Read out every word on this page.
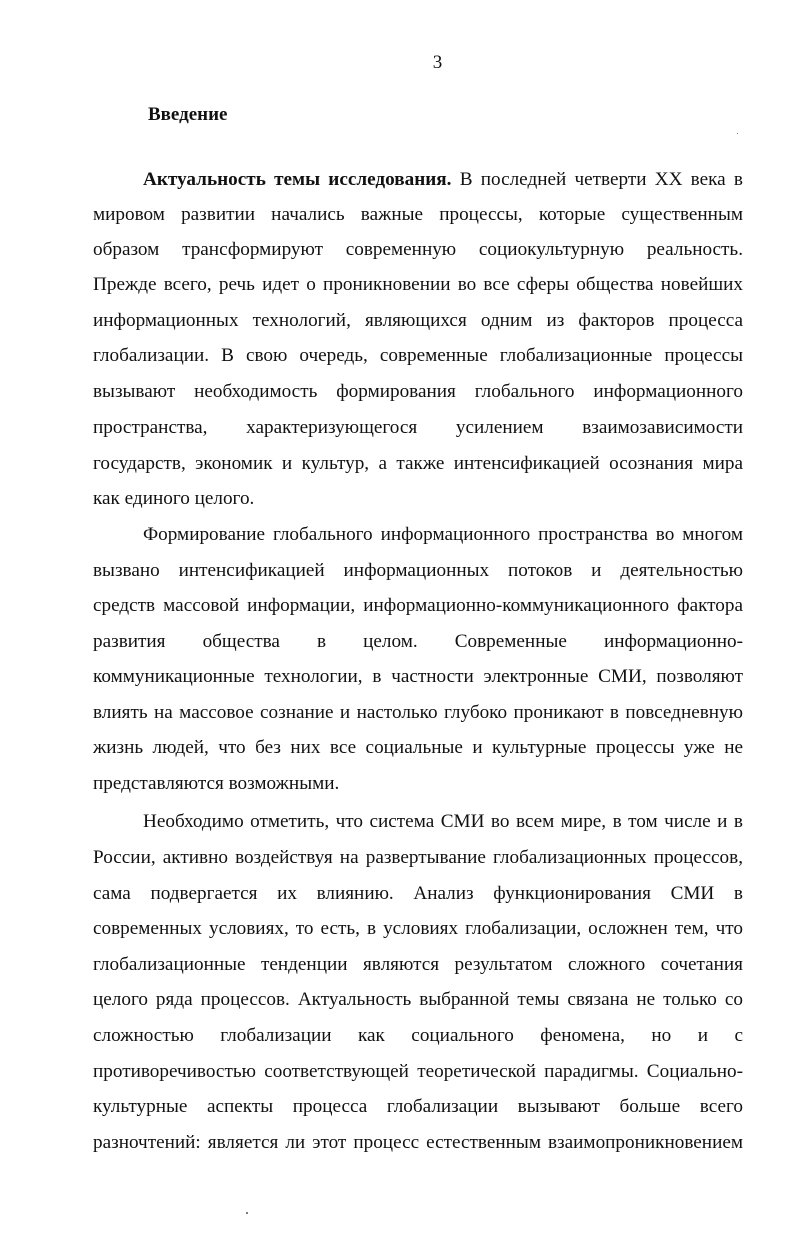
3
Введение
Актуальность темы исследования. В последней четверти XX века в
мировом развитии начались важные процессы, которые существенным
образом трансформируют современную социокультурную реальность.
Прежде всего, речь идет о проникновении во все сферы общества новейших
информационных технологий, являющихся одним из факторов процесса
глобализации. В свою очередь, современные глобализационные процессы
вызывают необходимость формирования глобального информационного
пространства, характеризующегося усилением взаимозависимости
государств, экономик и культур, а также интенсификацией осознания мира
как единого целого.
Формирование глобального информационного пространства во многом
вызвано интенсификацией информационных потоков и деятельностью
средств массовой информации, информационно-коммуникационного фактора
развития общества в целом. Современные информационно-
коммуникационные технологии, в частности электронные СМИ, позволяют
влиять на массовое сознание и настолько глубоко проникают в повседневную
жизнь людей, что без них все социальные и культурные процессы уже не
представляются возможными.
Необходимо отметить, что система СМИ во всем мире, в том числе и в
России, активно воздействуя на развертывание глобализационных процессов,
сама подвергается их влиянию. Анализ функционирования СМИ в
современных условиях, то есть, в условиях глобализации, осложнен тем, что
глобализационные тенденции являются результатом сложного сочетания
целого ряда процессов. Актуальность выбранной темы связана не только со
сложностью глобализации как социального феномена, но и с
противоречивостью соответствующей теоретической парадигмы. Социально-
культурные аспекты процесса глобализации вызывают больше всего
разночтений: является ли этот процесс естественным взаимопроникновением
